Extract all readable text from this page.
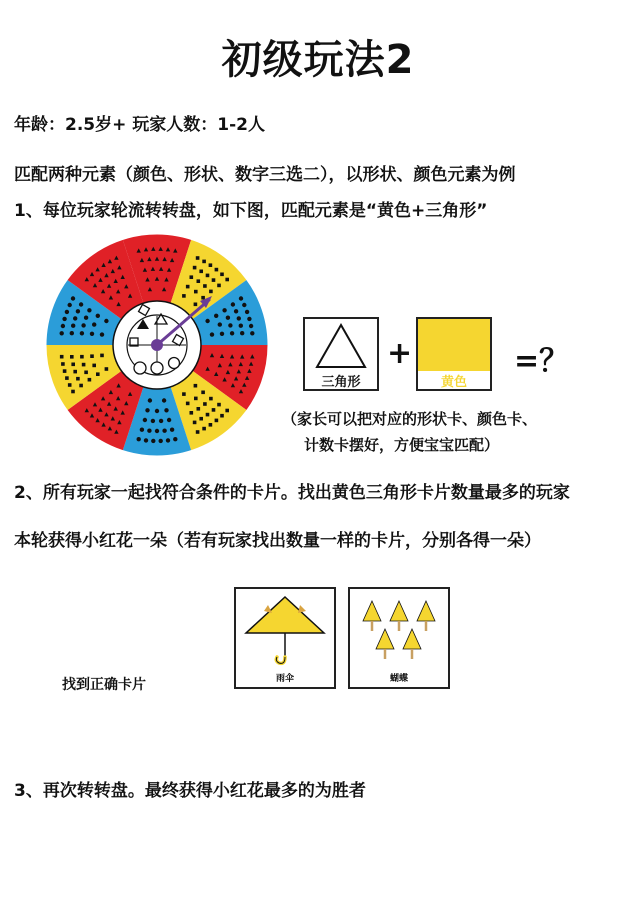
初级玩法2
年龄：2.5岁+ 玩家人数：1-2人
匹配两种元素（颜色、形状、数字三选二），以形状、颜色元素为例
1、每位玩家轮流转转盘，如下图，匹配元素是“黄色+三角形”
三角形
+
黄色
=？
（家长可以把对应的形状卡、颜色卡、
计数卡摆好，方便宝宝匹配）
2、所有玩家一起找符合条件的卡片。找出黄色三角形卡片数量最多的玩家
本轮获得小红花一朵（若有玩家找出数量一样的卡片，分别各得一朵）
找到正确卡片	雨伞	蝴蝶
3、再次转转盘。最终获得小红花最多的为胜者
